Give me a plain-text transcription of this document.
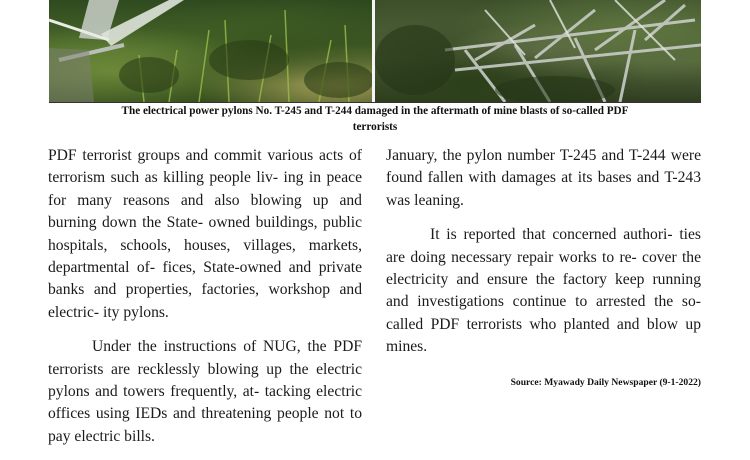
The electrical power pylons No. T-245 and T-244 damaged in the aftermath of mine blasts of so-called PDF
terrorists

PDF terrorist groups and commit various acts of terrorism such as killing people liv- ing in peace for many reasons and also blowing up and burning down the State- owned buildings, public hospitals, schools, houses, villages, markets, departmental of- fices, State-owned and private banks and properties, factories, workshop and electric- ity pylons.

Under the instructions of NUG, the PDF terrorists are recklessly blowing up the electric pylons and towers frequently, at- tacking electric offices using IEDs and threatening people not to pay electric bills.

January, the pylon number T-245 and T-244 were found fallen with damages at its bases and T-243 was leaning.

It is reported that concerned authori- ties are doing necessary repair works to re- cover the electricity and ensure the factory keep running and investigations continue to arrested the so-called PDF terrorists who planted and blow up mines.

Source: Myawady Daily Newspaper (9-1-2022)
